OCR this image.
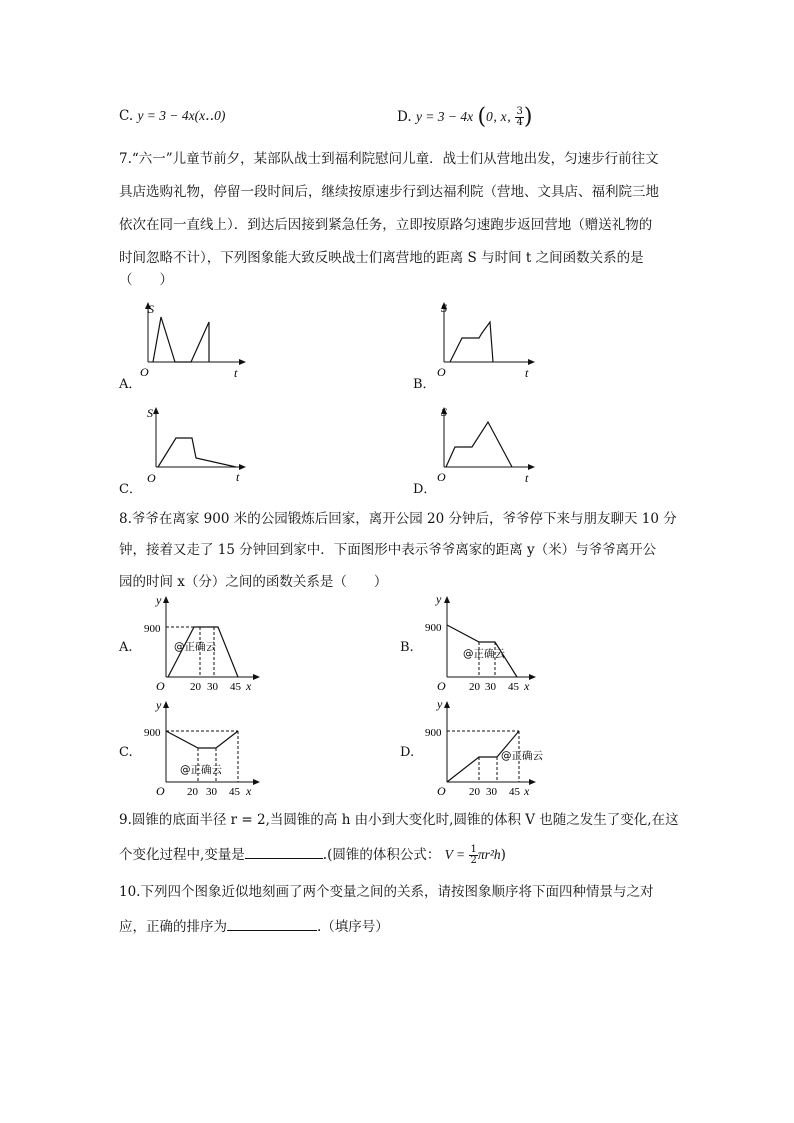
C. y = 3 − 4x(x‥0)	D. y = 3 − 4x (0‚ x‚ $\frac{3}{4}$ )
7.“六一”儿童节前夕，某部队战士到福利院慰问儿童．战士们从营地出发，匀速步行前往文
具店选购礼物，停留一段时间后，继续按原速步行到达福利院（营地、文具店、福利院三地
依次在同一直线上）．到达后因接到紧急任务，立即按原路匀速跑步返回营地（赠送礼物的
时间忽略不计），下列图象能大致反映战士们离营地的距离 S 与时间 t 之间函数关系的是
（　　）
A．
S
t
O
B．
S
t
O
C．
S
t
O
D．
S
t
O
8.爷爷在离家 900 米的公园锻炼后回家，离开公园 20 分钟后，爷爷停下来与朋友聊天 10 分
钟，接着又走了 15 分钟回到家中．下面图形中表示爷爷离家的距离 y（米）与爷爷离开公
园的时间 x（分）之间的函数关系是（　　）
A.
y
x
O
900
20 30 45
@正确云	B.
y
x
O
900
20 30 45
@正确云
C.
y
x
O
900
20 30 45
@正确云
D.
y
x
O
900
20 30 45
@正确云
9.圆锥的底面半径 r = 2,当圆锥的高 h 由小到大变化时,圆锥的体积 V 也随之发生了变化,在这
个变化过程中,变量是	.(圆锥的体积公式： $V = \frac{1}{2} \pi r^2h$)
10.下列四个图象近似地刻画了两个变量之间的关系，请按图象顺序将下面四种情景与之对
应，正确的排序为	.（填序号）
